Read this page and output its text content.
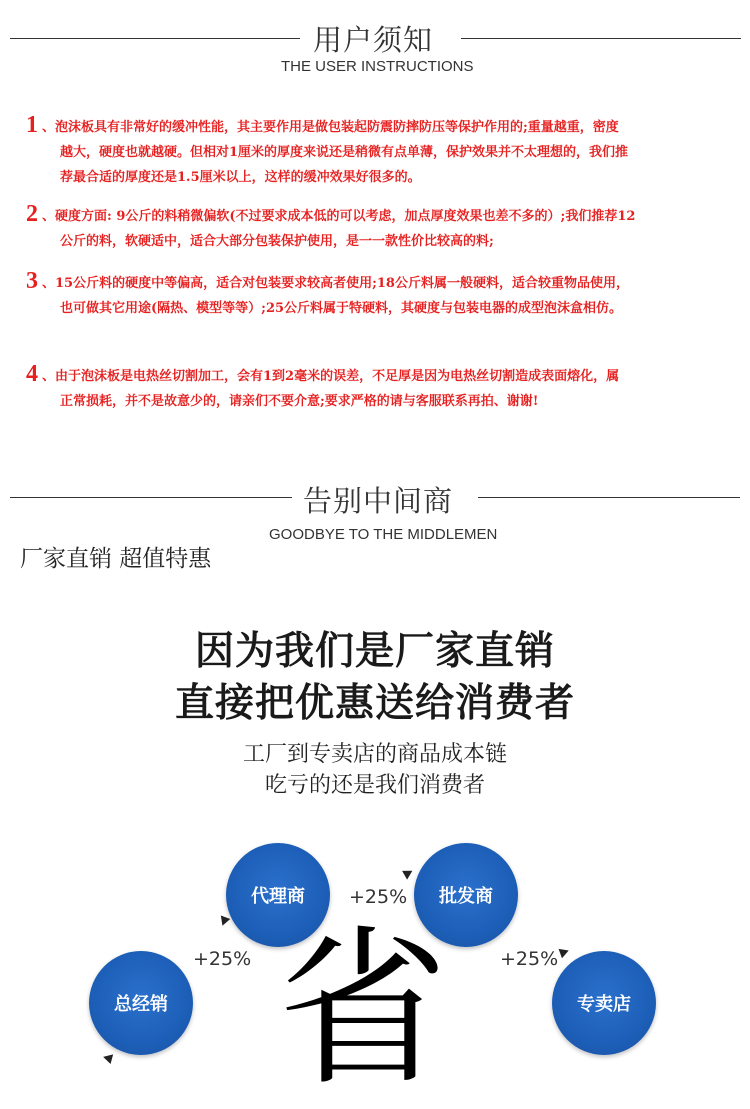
用户须知
THE USER INSTRUCTIONS
1 、泡沫板具有非常好的缓冲性能，其主要作用是做包装起防震防摔防压等保护作用的;重量越重，密度
越大，硬度也就越硬。但相对1厘米的厚度来说还是稍微有点单薄，保护效果并不太理想的，我们推
荐最合适的厚度还是1.5厘米以上，这样的缓冲效果好很多的。
2 、硬度方面: 9公斤的料稍微偏软(不过要求成本低的可以考虑，加点厚度效果也差不多的）;我们推荐12
公斤的料，软硬适中，适合大部分包装保护使用，是一一款性价比较高的料;
3 、15公斤料的硬度中等偏高，适合对包装要求较高者使用;18公斤料属一般硬料，适合较重物品使用，
也可做其它用途(隔热、模型等等）;25公斤料属于特硬料，其硬度与包装电器的成型泡沫盒相仿。
4 、由于泡沫板是电热丝切割加工，会有1到2毫米的误差，不足厚是因为电热丝切割造成表面熔化，属
正常损耗，并不是故意少的，请亲们不要介意;要求严格的请与客服联系再拍、谢谢!
告别中间商
GOODBYE TO THE MIDDLEMEN
厂家直销 超值特惠
因为我们是厂家直销
直接把优惠送给消费者
工厂到专卖店的商品成本链
吃亏的还是我们消费者
代理商	批发商
总经销	专卖店
+25%
+25%	+25%
省
